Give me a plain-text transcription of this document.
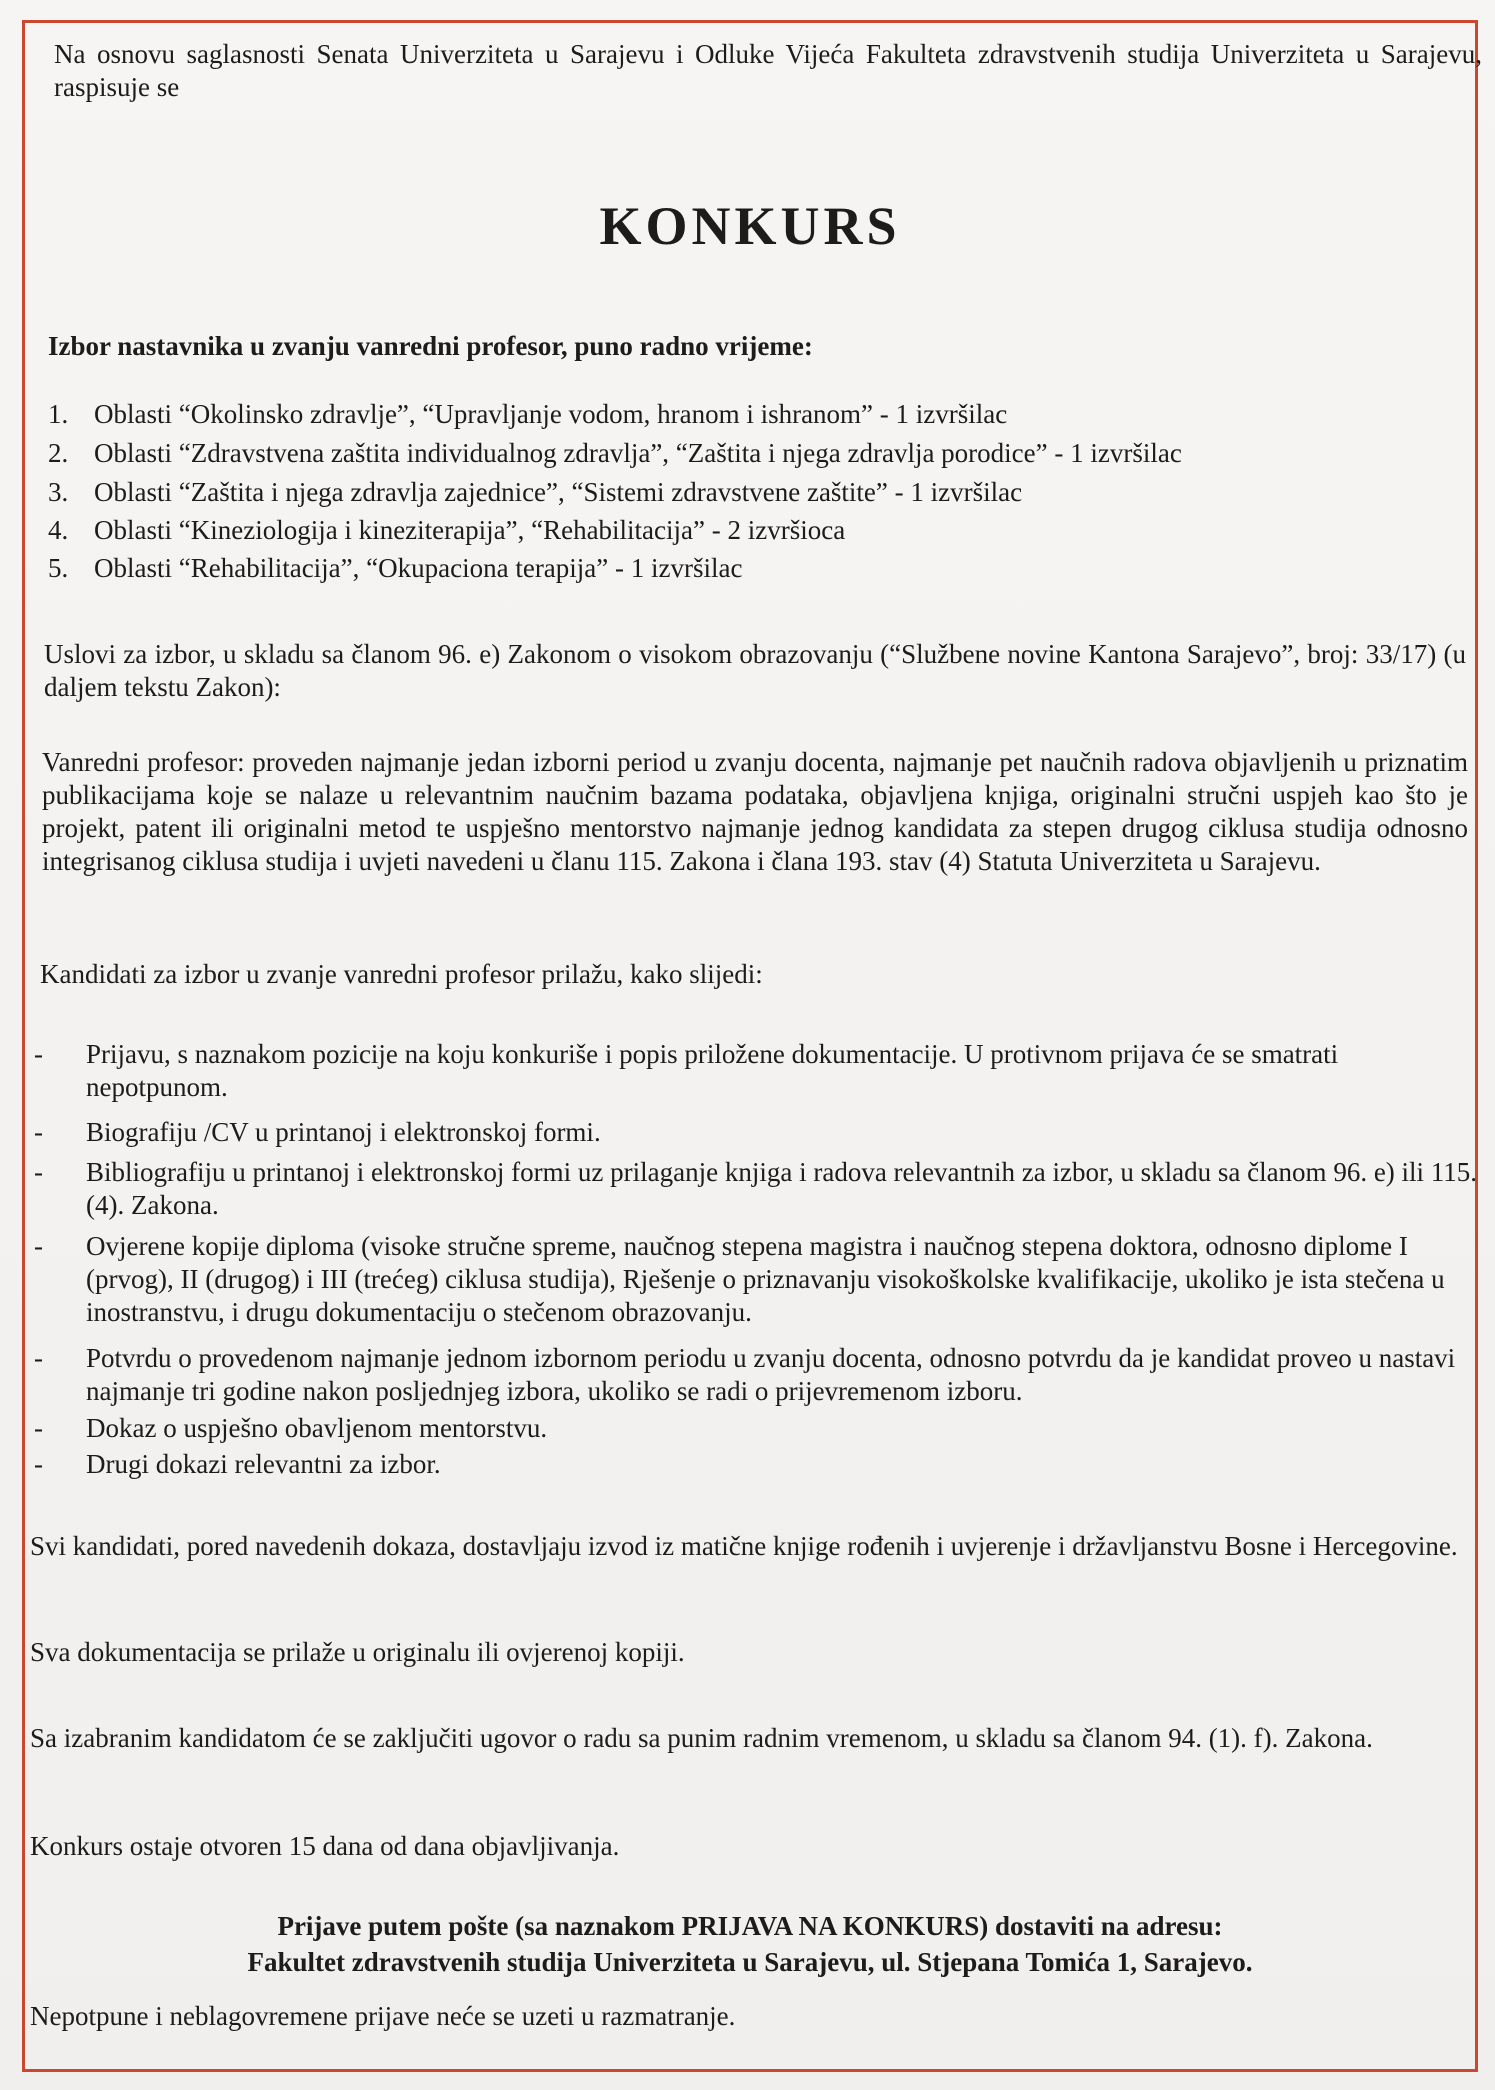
Na osnovu saglasnosti Senata Univerziteta u Sarajevu i Odluke Vijeća Fakulteta zdravstvenih studija Univerziteta u Sarajevu, raspisuje se

KONKURS

Izbor nastavnika u zvanju vanredni profesor, puno radno vrijeme:

1. Oblasti “Okolinsko zdravlje”, “Upravljanje vodom, hranom i ishranom” - 1 izvršilac
2. Oblasti “Zdravstvena zaštita individualnog zdravlja”, “Zaštita i njega zdravlja porodice” - 1 izvršilac
3. Oblasti “Zaštita i njega zdravlja zajednice”, “Sistemi zdravstvene zaštite” - 1 izvršilac
4. Oblasti “Kineziologija i kineziterapija”, “Rehabilitacija” - 2 izvršioca
5. Oblasti “Rehabilitacija”, “Okupaciona terapija” - 1 izvršilac

Uslovi za izbor, u skladu sa članom 96. e) Zakonom o visokom obrazovanju (“Službene novine Kantona Sarajevo”, broj: 33/17) (u daljem tekstu Zakon):

Vanredni profesor: proveden najmanje jedan izborni period u zvanju docenta, najmanje pet naučnih radova objavljenih u priznatim publikacijama koje se nalaze u relevantnim naučnim bazama podataka, objavljena knjiga, originalni stručni uspjeh kao što je projekt, patent ili originalni metod te uspješno mentorstvo najmanje jednog kandidata za stepen drugog ciklusa studija odnosno integrisanog ciklusa studija i uvjeti navedeni u članu 115. Zakona i člana 193. stav (4) Statuta Univerziteta u Sarajevu.

Kandidati za izbor u zvanje vanredni profesor prilažu, kako slijedi:

-	Prijavu, s naznakom pozicije na koju konkuriše i popis priložene dokumentacije. U protivnom prijava će se smatrati nepotpunom.
-	Biografiju /CV u printanoj i elektronskoj formi.
-	Bibliografiju u printanoj i elektronskoj formi uz prilaganje knjiga i radova relevantnih za izbor, u skladu sa članom 96. e) ili 115.(4). Zakona.
-	Ovjerene kopije diploma (visoke stručne spreme, naučnog stepena magistra i naučnog stepena doktora, odnosno diplome I (prvog), II (drugog) i III (trećeg) ciklusa studija), Rješenje o priznavanju visokoškolske kvalifikacije, ukoliko je ista stečena u inostranstvu, i drugu dokumentaciju o stečenom obrazovanju.
-	Potvrdu o provedenom najmanje jednom izbornom periodu u zvanju docenta, odnosno potvrdu da je kandidat proveo u nastavi najmanje tri godine nakon posljednjeg izbora, ukoliko se radi o prijevremenom izboru.
-	Dokaz o uspješno obavljenom mentorstvu.
-	Drugi dokazi relevantni za izbor.

Svi kandidati, pored navedenih dokaza, dostavljaju izvod iz matične knjige rođenih i uvjerenje i državljanstvu Bosne i Hercegovine.

Sva dokumentacija se prilaže u originalu ili ovjerenoj kopiji.

Sa izabranim kandidatom će se zaključiti ugovor o radu sa punim radnim vremenom, u skladu sa članom 94. (1). f). Zakona.

Konkurs ostaje otvoren 15 dana od dana objavljivanja.

Prijave putem pošte (sa naznakom PRIJAVA NA KONKURS) dostaviti na adresu:

Fakultet zdravstvenih studija Univerziteta u Sarajevu, ul. Stjepana Tomića 1, Sarajevo.

Nepotpune i neblagovremene prijave neće se uzeti u razmatranje.
